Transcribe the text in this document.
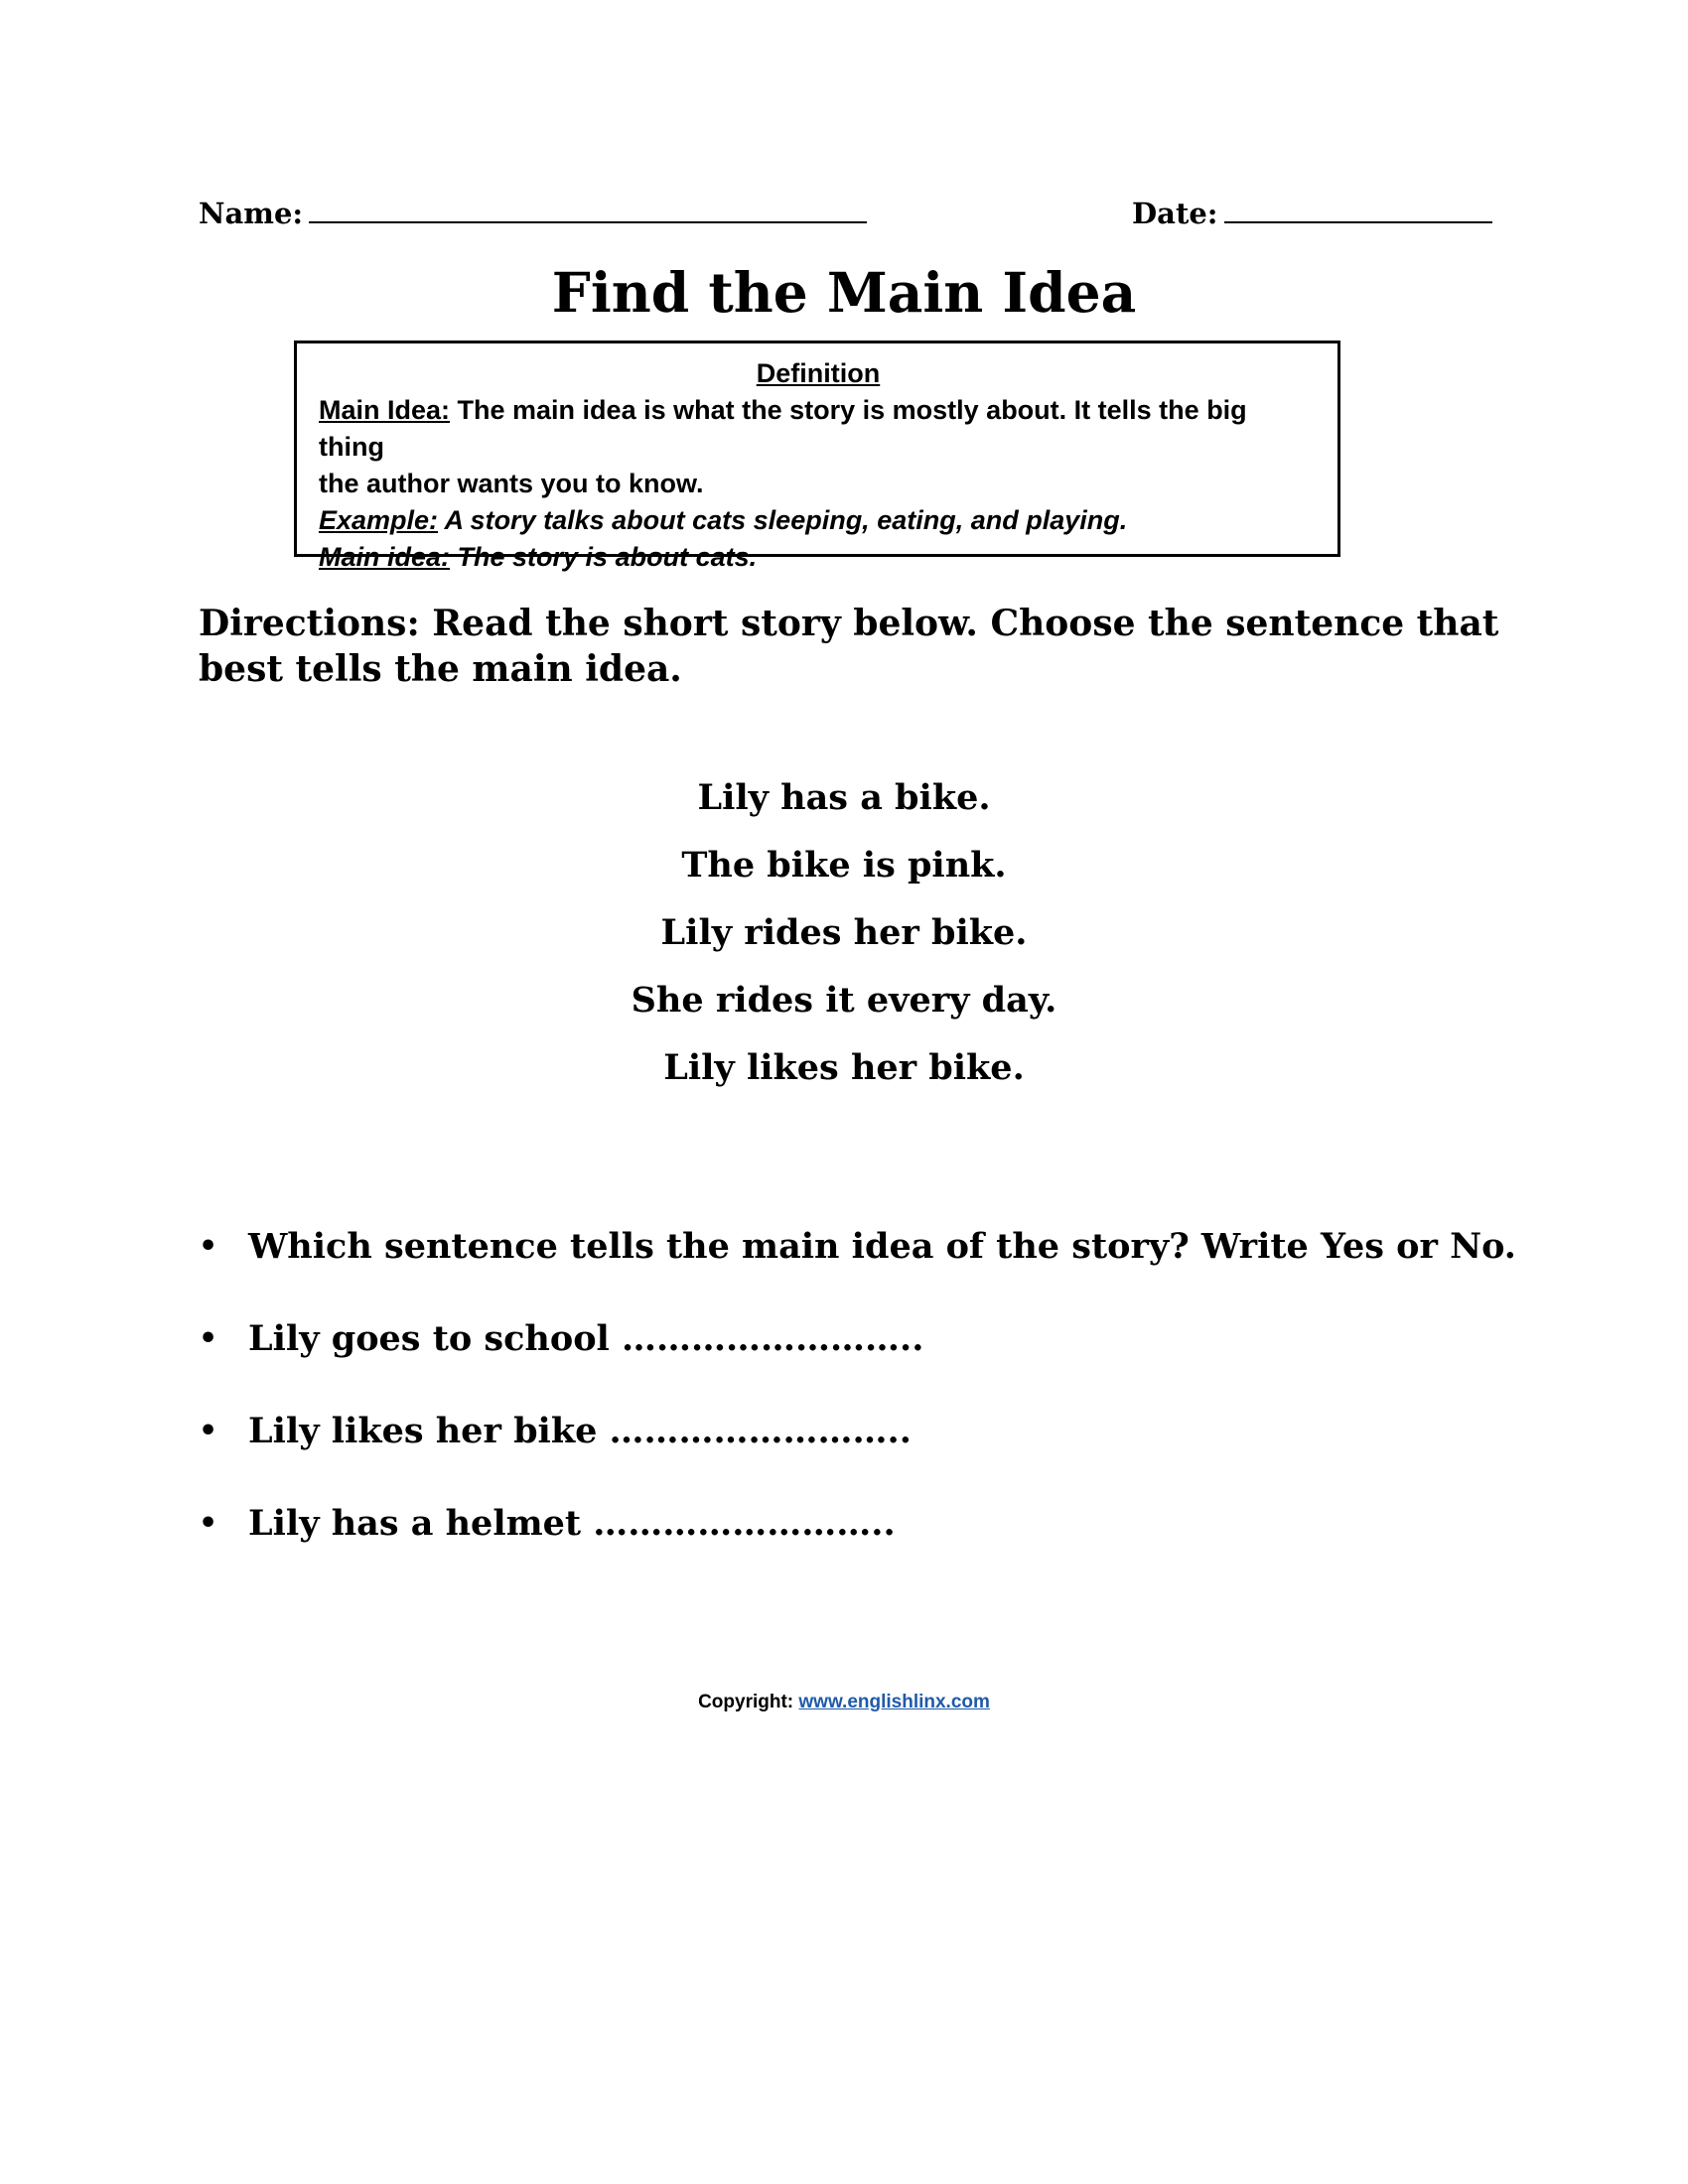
Name:	Date:
Find the Main Idea
Definition
Main Idea: The main idea is what the story is mostly about. It tells the big thing
the author wants you to know.
Example: A story talks about cats sleeping, eating, and playing.
Main idea: The story is about cats.
Directions: Read the short story below. Choose the sentence that best tells the main idea.
Lily has a bike.
The bike is pink.
Lily rides her bike.
She rides it every day.
Lily likes her bike.
• Which sentence tells the main idea of the story? Write Yes or No.
• Lily goes to school ……………………..
• Lily likes her bike ……………………..
• Lily has a helmet ……………………..
Copyright: www.englishlinx.com
